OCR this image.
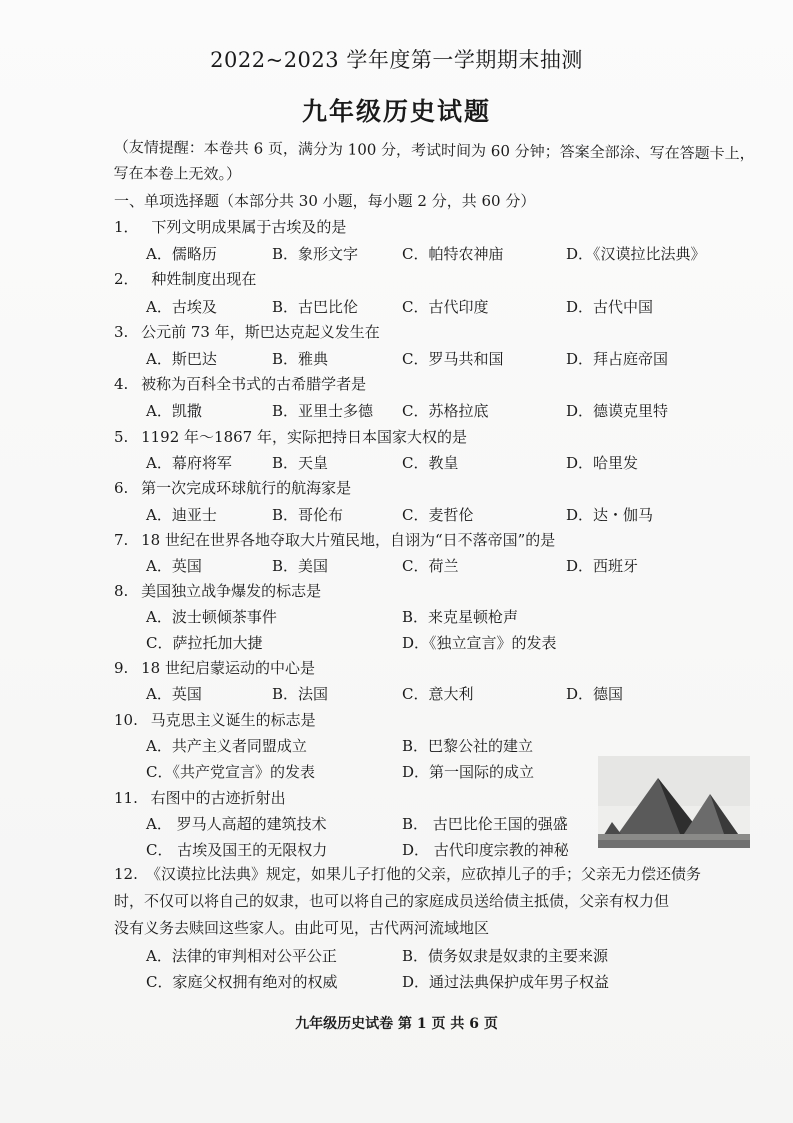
2022~2023 学年度第一学期期末抽测
九年级历史试题
（友情提醒：本卷共 6 页，满分为 100 分，考试时间为 60 分钟；答案全部涂、写在答题卡上，写在本卷上无效。）
一、单项选择题（本部分共 30 小题，每小题 2 分，共 60 分）
1． 下列文明成果属于古埃及的是
A．儒略历	B．象形文字	C．帕特农神庙	D．《汉谟拉比法典》
2． 种姓制度出现在
A．古埃及	B．古巴比伦	C．古代印度	D．古代中国
3. 公元前 73 年，斯巴达克起义发生在
A．斯巴达	B．雅典	C．罗马共和国	D．拜占庭帝国
4. 被称为百科全书式的古希腊学者是
A．凯撒	B．亚里士多德 C．苏格拉底	D．德谟克里特
5. 1192 年～1867 年，实际把持日本国家大权的是
A．幕府将军	B．天皇	C．教皇	D．哈里发
6. 第一次完成环球航行的航海家是
A．迪亚士	B．哥伦布	C．麦哲伦	D．达・伽马
7. 18 世纪在世界各地夺取大片殖民地，自诩为“日不落帝国”的是
A．英国	B．美国	C．荷兰	D．西班牙
8. 美国独立战争爆发的标志是
A．波士顿倾茶事件	B．来克星顿枪声
C．萨拉托加大捷	D．《独立宣言》的发表
9. 18 世纪启蒙运动的中心是
A．英国	B．法国	C．意大利	D．德国
10. 马克思主义诞生的标志是
A．共产主义者同盟成立	B．巴黎公社的建立
C．《共产党宣言》的发表	D．第一国际的成立
11. 右图中的古迹折射出
A． 罗马人高超的建筑技术	B． 古巴比伦王国的强盛
C． 古埃及国王的无限权力	D． 古代印度宗教的神秘
12. 《汉谟拉比法典》规定，如果儿子打他的父亲，应砍掉儿子的手；父亲无力偿还债务
时，不仅可以将自己的奴隶，也可以将自己的家庭成员送给债主抵债，父亲有权力但
没有义务去赎回这些家人。由此可见，古代两河流域地区
A．法律的审判相对公平公正	B．债务奴隶是奴隶的主要来源
C．家庭父权拥有绝对的权威	D．通过法典保护成年男子权益
九年级历史试卷 第 1 页 共 6 页
